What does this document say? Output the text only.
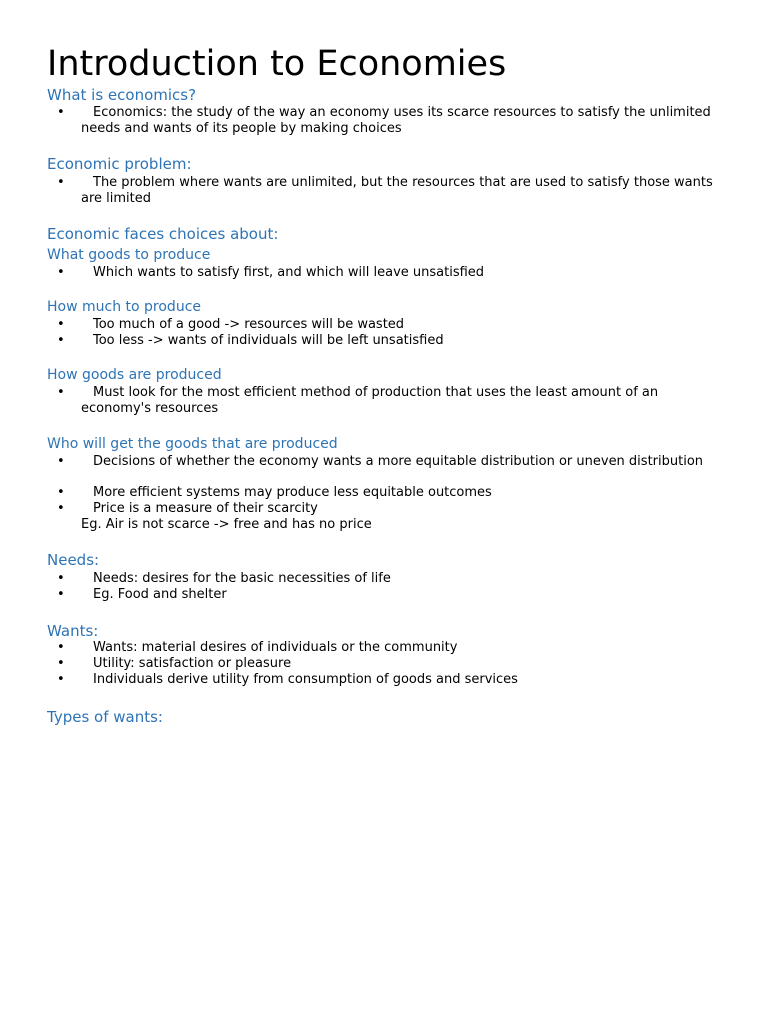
Introduction to Economies
What is economics?
•	Economics: the study of the way an economy uses its scarce resources to satisfy the unlimited needs and wants of its people by making choices
Economic problem:
•	The problem where wants are unlimited, but the resources that are used to satisfy those wants are limited
Economic faces choices about:
What goods to produce
•	Which wants to satisfy first, and which will leave unsatisfied
How much to produce
•	Too much of a good -> resources will be wasted
•	Too less -> wants of individuals will be left unsatisfied
How goods are produced
•	Must look for the most efficient method of production that uses the least amount of an economy's resources
Who will get the goods that are produced
•	Decisions of whether the economy wants a more equitable distribution or uneven distribution
•	More efficient systems may produce less equitable outcomes
•	Price is a measure of their scarcity
Eg. Air is not scarce -> free and has no price
Needs:
•	Needs: desires for the basic necessities of life
•	Eg. Food and shelter
Wants:
•	Wants: material desires of individuals or the community
•	Utility: satisfaction or pleasure
•	Individuals derive utility from consumption of goods and services
Types of wants:
